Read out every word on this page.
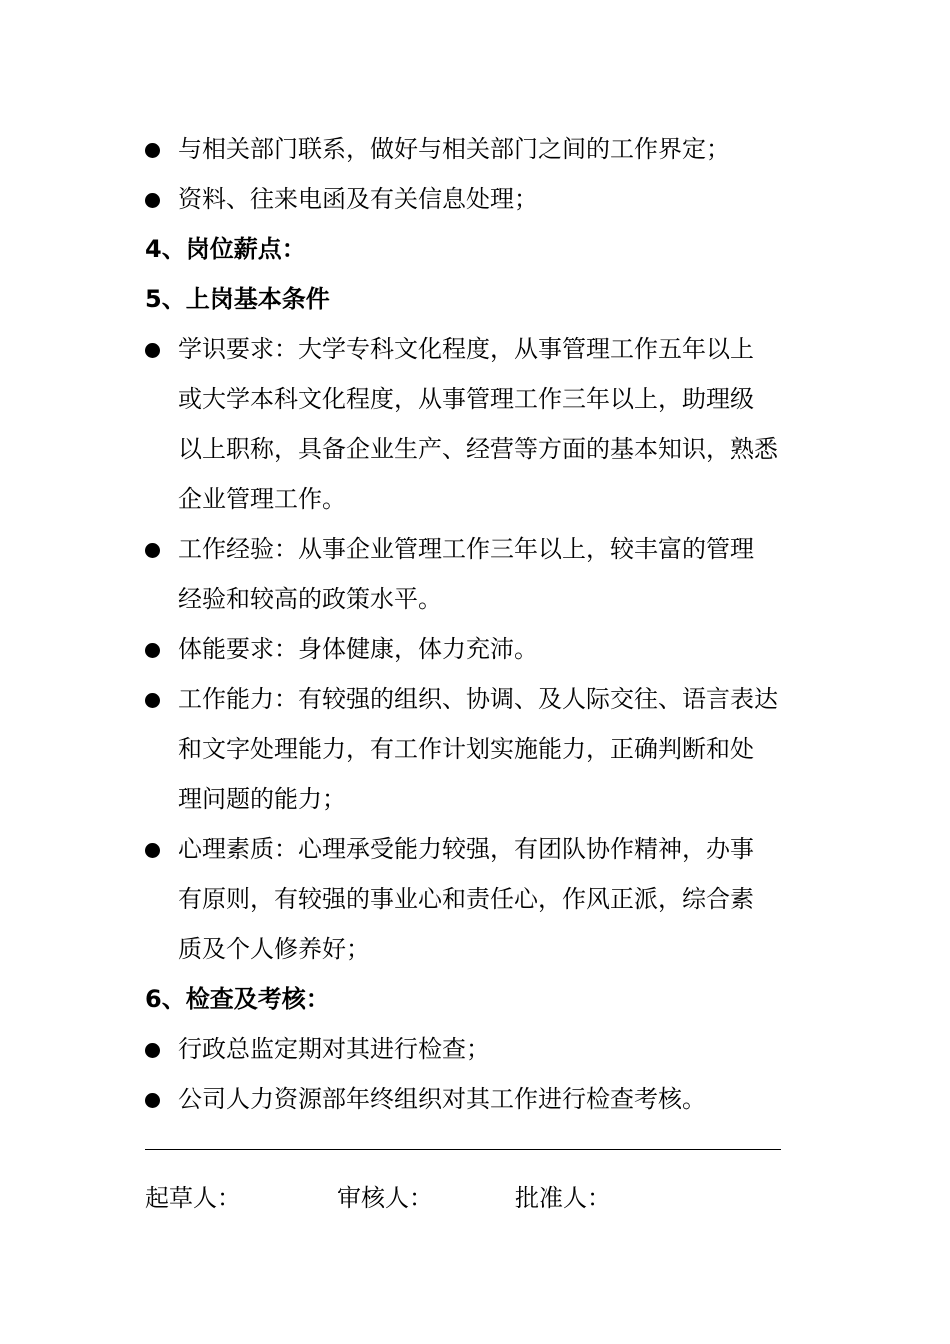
与相关部门联系，做好与相关部门之间的工作界定；
资料、往来电函及有关信息处理；
4、岗位薪点：
5、上岗基本条件
学识要求：大学专科文化程度，从事管理工作五年以上
或大学本科文化程度，从事管理工作三年以上，助理级
以上职称，具备企业生产、经营等方面的基本知识，熟悉
企业管理工作。
工作经验：从事企业管理工作三年以上，较丰富的管理
经验和较高的政策水平。
体能要求：身体健康，体力充沛。
工作能力：有较强的组织、协调、及人际交往、语言表达
和文字处理能力，有工作计划实施能力，正确判断和处
理问题的能力；
心理素质：心理承受能力较强，有团队协作精神，办事
有原则，有较强的事业心和责任心，作风正派，综合素
质及个人修养好；
6、检查及考核：
行政总监定期对其进行检查；
公司人力资源部年终组织对其工作进行检查考核。
起草人：	审核人：	批准人：
